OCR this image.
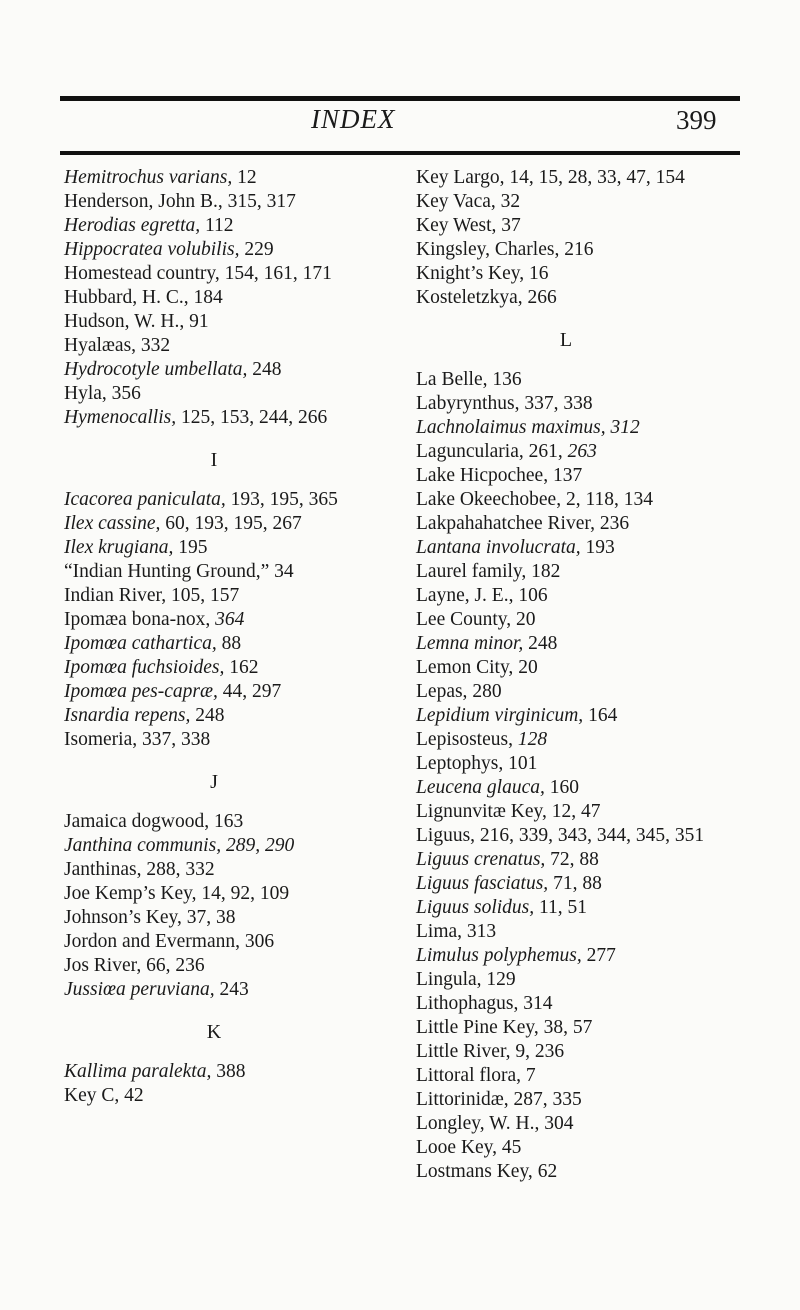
INDEX	399
Hemitrochus varians, 12
Henderson, John B., 315, 317
Herodias egretta, 112
Hippocratea volubilis, 229
Homestead country, 154, 161, 171
Hubbard, H. C., 184
Hudson, W. H., 91
Hyalæas, 332
Hydrocotyle umbellata, 248
Hyla, 356
Hymenocallis, 125, 153, 244, 266
I
Icacorea paniculata, 193, 195, 365
Ilex cassine, 60, 193, 195, 267
Ilex krugiana, 195
“Indian Hunting Ground,” 34
Indian River, 105, 157
Ipomæa bona-nox, 364
Ipomœa cathartica, 88
Ipomœa fuchsioides, 162
Ipomœa pes-capræ, 44, 297
Isnardia repens, 248
Isomeria, 337, 338
J
Jamaica dogwood, 163
Janthina communis, 289, 290
Janthinas, 288, 332
Joe Kemp’s Key, 14, 92, 109
Johnson’s Key, 37, 38
Jordon and Evermann, 306
Jos River, 66, 236
Jussiœa peruviana, 243
K
Kallima paralekta, 388
Key C, 42
Key Largo, 14, 15, 28, 33, 47, 154
Key Vaca, 32
Key West, 37
Kingsley, Charles, 216
Knight’s Key, 16
Kosteletzkya, 266
L
La Belle, 136
Labyrynthus, 337, 338
Lachnolaimus maximus, 312
Laguncularia, 261, 263
Lake Hicpochee, 137
Lake Okeechobee, 2, 118, 134
Lakpahahatchee River, 236
Lantana involucrata, 193
Laurel family, 182
Layne, J. E., 106
Lee County, 20
Lemna minor, 248
Lemon City, 20
Lepas, 280
Lepidium virginicum, 164
Lepisosteus, 128
Leptophys, 101
Leucena glauca, 160
Lignunvitæ Key, 12, 47
Liguus, 216, 339, 343, 344, 345, 351
Liguus crenatus, 72, 88
Liguus fasciatus, 71, 88
Liguus solidus, 11, 51
Lima, 313
Limulus polyphemus, 277
Lingula, 129
Lithophagus, 314
Little Pine Key, 38, 57
Little River, 9, 236
Littoral flora, 7
Littorinidæ, 287, 335
Longley, W. H., 304
Looe Key, 45
Lostmans Key, 62
